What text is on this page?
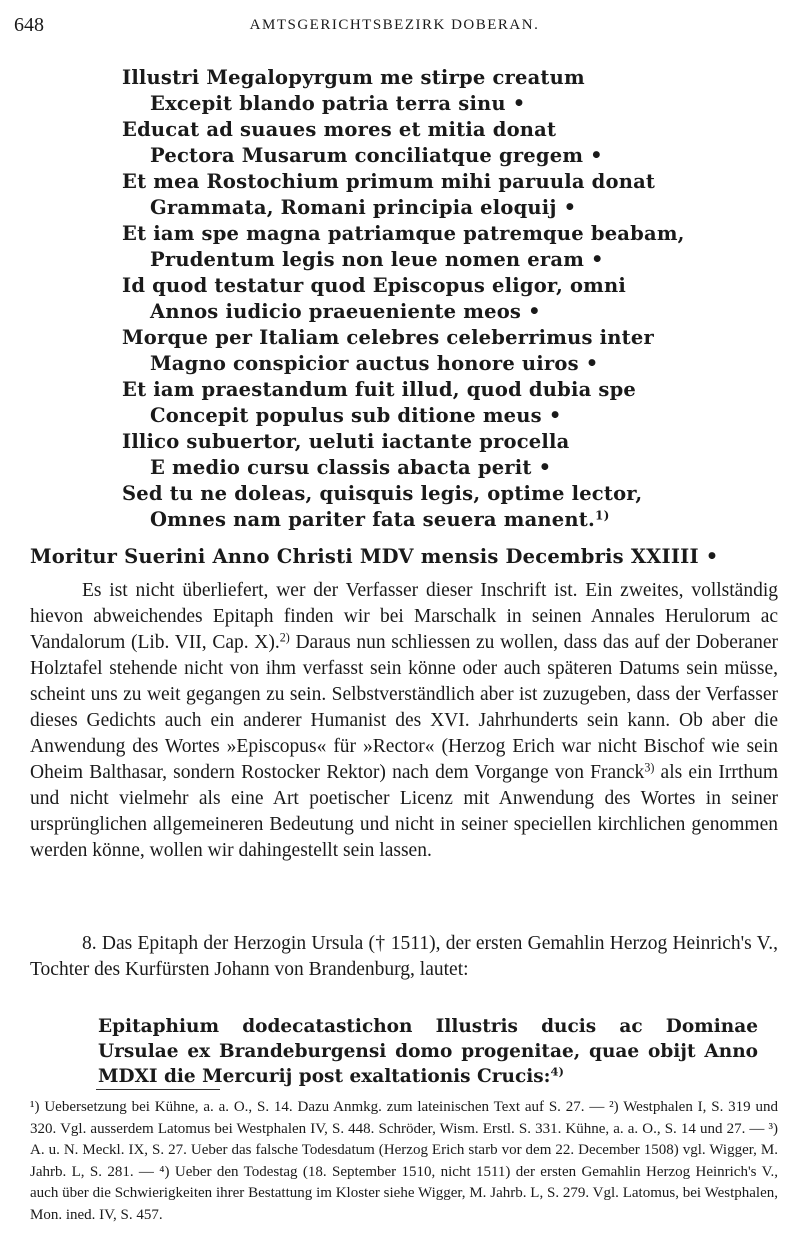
648	AMTSGERICHTSBEZIRK DOBERAN.
Illustri Megalopyrgum me stirpe creatum
Excepit blando patria terra sinu •
Educat ad suaues mores et mitia donat
Pectora Musarum conciliatque gregem •
Et mea Rostochium primum mihi paruula donat
Grammata, Romani principia eloquij •
Et iam spe magna patriamque patremque beabam,
Prudentum legis non leue nomen eram •
Id quod testatur quod Episcopus eligor, omni
Annos iudicio praeueniente meos •
Morque per Italiam celebres celeberrimus inter
Magno conspicior auctus honore uiros •
Et iam praestandum fuit illud, quod dubia spe
Concepit populus sub ditione meus •
Illico subuertor, ueluti iactante procella
E medio cursu classis abacta perit •
Sed tu ne doleas, quisquis legis, optime lector,
Omnes nam pariter fata seuera manent.$^{1)}$
Moritur Suerini Anno Christi MDV mensis Decembris XXIIII •

Es ist nicht überliefert, wer der Verfasser dieser Inschrift ist. Ein zweites, vollständig hievon abweichendes Epitaph finden wir bei Marschalk in seinen Annales Herulorum ac Vandalorum (Lib. VII, Cap. X).$^{2)}$ Daraus nun schliessen zu wollen, dass das auf der Doberaner Holztafel stehende nicht von ihm verfasst sein könne oder auch späteren Datums sein müsse, scheint uns zu weit gegangen zu sein. Selbstverständlich aber ist zuzugeben, dass der Verfasser dieses Gedichts auch ein anderer Humanist des XVI. Jahrhunderts sein kann. Ob aber die Anwendung des Wortes »Episcopus« für »Rector« (Herzog Erich war nicht Bischof wie sein Oheim Balthasar, sondern Rostocker Rektor) nach dem Vorgange von Franck$^{3)}$ als ein Irrthum und nicht vielmehr als eine Art poetischer Licenz mit Anwendung des Wortes in seiner ursprünglichen allgemeineren Bedeutung und nicht in seiner speciellen kirchlichen genommen werden könne, wollen wir dahingestellt sein lassen.

8. Das Epitaph der Herzogin Ursula († 1511), der ersten Gemahlin Herzog Heinrich's V., Tochter des Kurfürsten Johann von Brandenburg, lautet:

Epitaphium dodecatastichon Illustris ducis ac Dominae Ursulae ex Brandeburgensi domo progenitae, quae obijt Anno MDXI die Mercurij post exaltationis Crucis:$^{4)}$

¹) Uebersetzung bei Kühne, a. a. O., S. 14. Dazu Anmkg. zum lateinischen Text auf S. 27. — ²) Westphalen I, S. 319 und 320. Vgl. ausserdem Latomus bei Westphalen IV, S. 448. Schröder, Wism. Erstl. S. 331. Kühne, a. a. O., S. 14 und 27. — ³) A. u. N. Meckl. IX, S. 27. Ueber das falsche Todesdatum (Herzog Erich starb vor dem 22. December 1508) vgl. Wigger, M. Jahrb. L, S. 281. — ⁴) Ueber den Todestag (18. September 1510, nicht 1511) der ersten Gemahlin Herzog Heinrich's V., auch über die Schwierigkeiten ihrer Bestattung im Kloster siehe Wigger, M. Jahrb. L, S. 279. Vgl. Latomus, bei Westphalen, Mon. ined. IV, S. 457.
